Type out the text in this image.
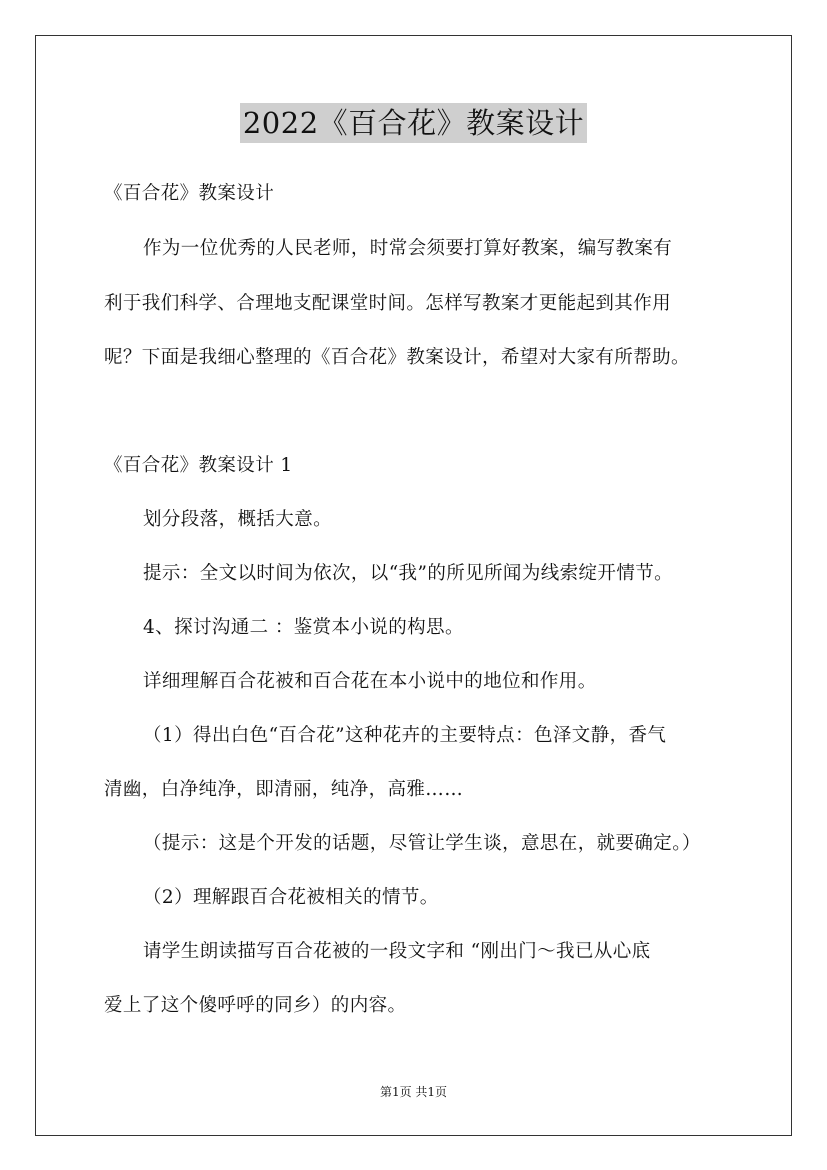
2022《百合花》教案设计
《百合花》教案设计
作为一位优秀的人民老师，时常会须要打算好教案，编写教案有
利于我们科学、合理地支配课堂时间。怎样写教案才更能起到其作用
呢？下面是我细心整理的《百合花》教案设计，希望对大家有所帮助。
《百合花》教案设计 1
划分段落，概括大意。
提示：全文以时间为依次，以“我”的所见所闻为线索绽开情节。
4、探讨沟通二 ：鉴赏本小说的构思。
详细理解百合花被和百合花在本小说中的地位和作用。
（1）得出白色“百合花”这种花卉的主要特点：色泽文静，香气
清幽，白净纯净，即清丽，纯净，高雅……
（提示：这是个开发的话题，尽管让学生谈，意思在，就要确定。）
（2）理解跟百合花被相关的情节。
请学生朗读描写百合花被的一段文字和 “刚出门～我已从心底
爱上了这个傻呼呼的同乡）的内容。
第1页 共1页
